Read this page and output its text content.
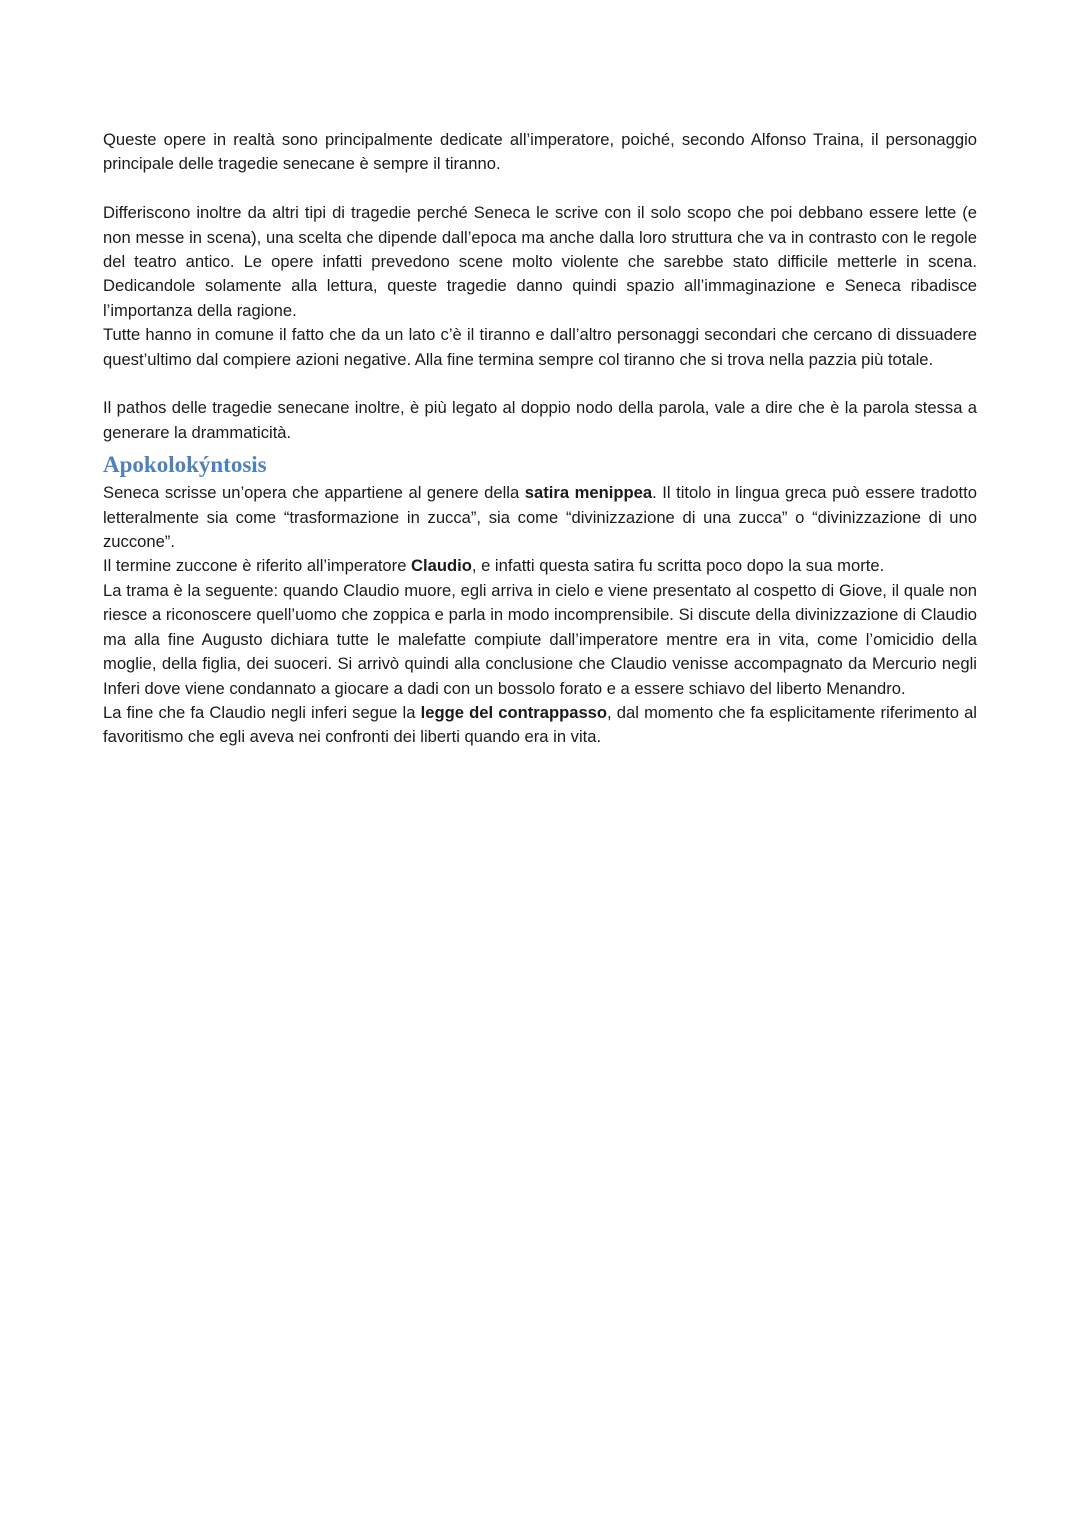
Queste opere in realtà sono principalmente dedicate all’imperatore, poiché, secondo Alfonso Traina, il personaggio principale delle tragedie senecane è sempre il tiranno.

Differiscono inoltre da altri tipi di tragedie perché Seneca le scrive con il solo scopo che poi debbano essere lette (e non messe in scena), una scelta che dipende dall’epoca ma anche dalla loro struttura che va in contrasto con le regole del teatro antico. Le opere infatti prevedono scene molto violente che sarebbe stato difficile metterle in scena. Dedicandole solamente alla lettura, queste tragedie danno quindi spazio all’immaginazione e Seneca ribadisce l’importanza della ragione.

Tutte hanno in comune il fatto che da un lato c’è il tiranno e dall’altro personaggi secondari che cercano di dissuadere quest’ultimo dal compiere azioni negative. Alla fine termina sempre col tiranno che si trova nella pazzia più totale.

Il pathos delle tragedie senecane inoltre, è più legato al doppio nodo della parola, vale a dire che è la parola stessa a generare la drammaticità.

Apokolokýntosis

Seneca scrisse un’opera che appartiene al genere della satira menippea. Il titolo in lingua greca può essere tradotto letteralmente sia come “trasformazione in zucca”, sia come “divinizzazione di una zucca” o “divinizzazione di uno zuccone”.

Il termine zuccone è riferito all’imperatore Claudio, e infatti questa satira fu scritta poco dopo la sua morte.

La trama è la seguente: quando Claudio muore, egli arriva in cielo e viene presentato al cospetto di Giove, il quale non riesce a riconoscere quell’uomo che zoppica e parla in modo incomprensibile. Si discute della divinizzazione di Claudio ma alla fine Augusto dichiara tutte le malefatte compiute dall’imperatore mentre era in vita, come l’omicidio della moglie, della figlia, dei suoceri. Si arrivò quindi alla conclusione che Claudio venisse accompagnato da Mercurio negli Inferi dove viene condannato a giocare a dadi con un bossolo forato e a essere schiavo del liberto Menandro.

La fine che fa Claudio negli inferi segue la legge del contrappasso, dal momento che fa esplicitamente riferimento al favoritismo che egli aveva nei confronti dei liberti quando era in vita.
